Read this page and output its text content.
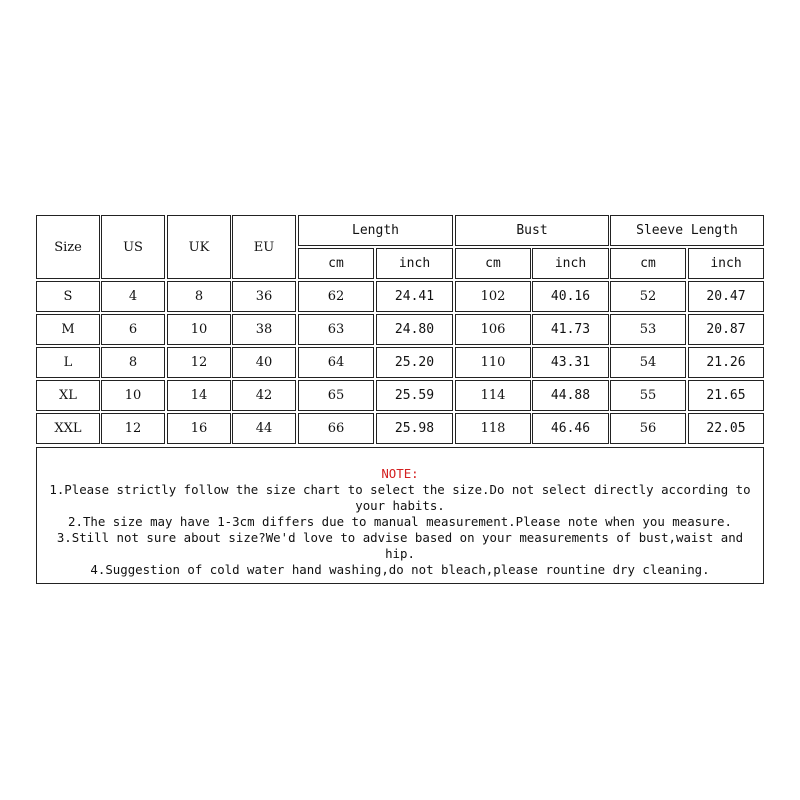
Size	US	UK	EU
Length	Bust	Sleeve Length
cm	inch	cm	inch	cm	inch
S	4	8	36	62	24.41	102	40.16	52	20.47
M	6	10	38	63	24.80	106	41.73	53	20.87
L	8	12	40	64	25.20	110	43.31	54	21.26
XL	10	14	42	65	25.59	114	44.88	55	21.65
XXL	12	16	44	66	25.98	118	46.46	56	22.05
NOTE:
1.Please strictly follow the size chart to select the size.Do not select directly according to your habits.
2.The size may have 1-3cm differs due to manual measurement.Please note when you measure.
3.Still not sure about size?We'd love to advise based on your measurements of bust,waist and hip.
4.Suggestion of cold water hand washing,do not bleach,please rountine dry cleaning.
